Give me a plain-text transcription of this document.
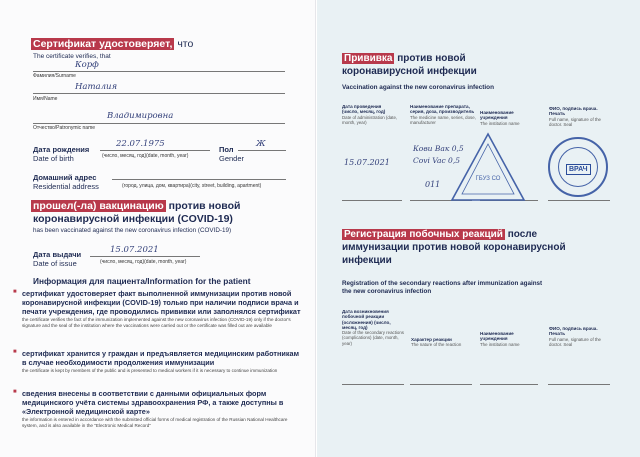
Сертификат удостоверяет, что
The certificate verifies, that
Корф
Фамилия/Surname
Наталия
Имя/Name
Владимировна
Отчество/Patronymic name
Дата рождения
Date of birth
22.07.1975
(число, месяц, год)(date, month, year)
Пол
Gender
Ж
Домашний адрес
Residential address	(город, улица, дом, квартира)(city, street, building, apartment)
прошел(-ла) вакцинацию против новой
коронавирусной инфекции (COVID-19)
has been vaccinated against the new coronavirus infection (COVID-19)
Дата выдачи
Date of issue
15.07.2021
(число, месяц, год)(date, month, year)
Информация для пациента/Information for the patient
■ сертификат удостоверяет факт выполненной иммунизации против новой коронавирусной инфекции (COVID-19) только при наличии подписи врача и печати учреждения, где проводились прививки или заполнялся сертификат
the certificate verifies the fact of the immunization implemented against the new coronavirus infection (COVID-19) only if the doctor's signature and the seal of the institution where the vaccinations were carried out or the certificate was filled out are available
■ сертификат хранится у граждан и предъявляется медицинским работникам в случае необходимости продолжения иммунизации
the certificate is kept by members of the public and is presented to medical workers if it is necessary to continue immunization
■ сведения внесены в соответствии с данными официальных форм медицинского учёта системы здравоохранения РФ, а также доступны в «Электронной медицинской карте»
the information is entered in accordance with the submitted official forms of medical registration of the Russian National Healthcare system, and is also available in the "Electronic Medical Record"
Прививка против новой
коронавирусной инфекции
Vaccination against the new coronavirus infection
Дата проведения (число, месяц, год)
Date of administration (date, month, year)
Наименование препарата, серия, доза, производитель
The medicine name, series, dose, manufacturer
Наименование учреждения
The institution name
ФИО, подпись врача. Печать
Full name, signature of the doctor. Seal
15.07.2021
Кови Вак 0,5
Covi Vac 0,5
011
ГБУЗ СО
ВРАЧ
Регистрация побочных реакций после
иммунизации против новой коронавирусной
инфекции
Registration of the secondary reactions after immunization against
the new coronavirus infection
Дата возникновения побочной реакции (осложнения) (число, месяц, год)
Date of the secondary reactions (complications) (date, month, year)
Характер реакции
The nature of the reaction
Наименование учреждения
The institution name
ФИО, подпись врача. Печать
Full name, signature of the doctor. Seal
